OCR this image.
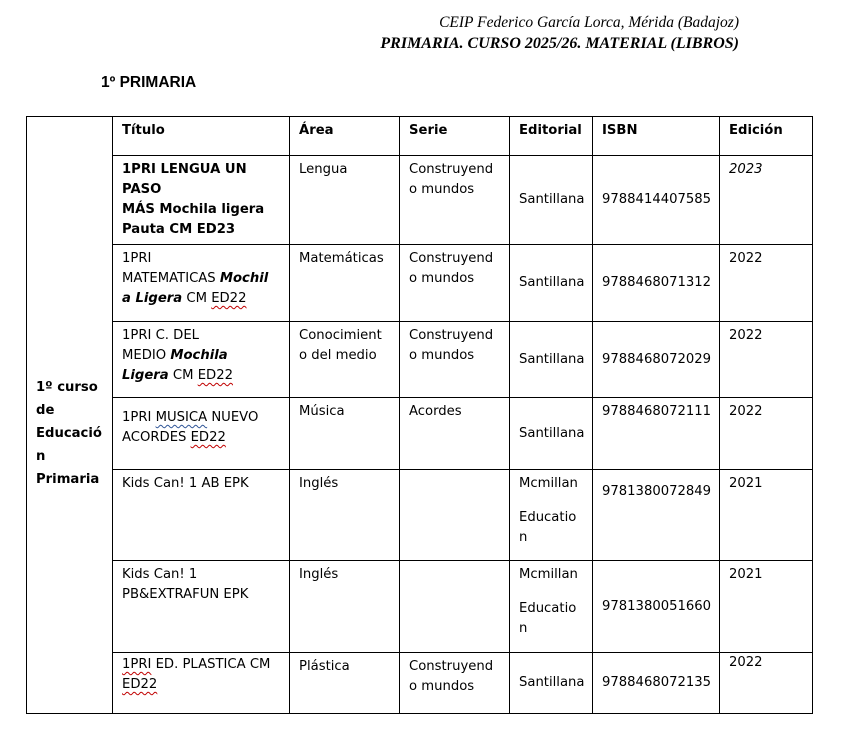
CEIP Federico García Lorca, Mérida (Badajoz)
PRIMARIA. CURSO 2025/26. MATERIAL (LIBROS)
1º PRIMARIA
1º curso
de
Educació
n
Primaria	Título	Área	Serie	Editorial	ISBN	Edición
	1PRI LENGUA UN PASO
MÁS Mochila ligera
Pauta CM ED23	Lengua	Construyend
o mundos	Santillana	9788414407585	2023
	1PRI
MATEMATICAS Mochil
a Ligera CM ED22	Matemáticas	Construyend
o mundos	Santillana	9788468071312	2022
	1PRI C. DEL
MEDIO Mochila
Ligera CM ED22	Conocimient
o del medio	Construyend
o mundos	Santillana	9788468072029	2022
	1PRI MUSICA NUEVO
ACORDES ED22	Música	Acordes	Santillana	9788468072111	2022
	Kids Can! 1 AB EPK	Inglés		Mcmillan
Educatio
n	9781380072849	2021
	Kids Can! 1
PB&EXTRAFUN EPK	Inglés		Mcmillan
Educatio
n	9781380051660	2021
	1PRI ED. PLASTICA CM
ED22	Plástica	Construyend
o mundos	Santillana	9788468072135	2022
